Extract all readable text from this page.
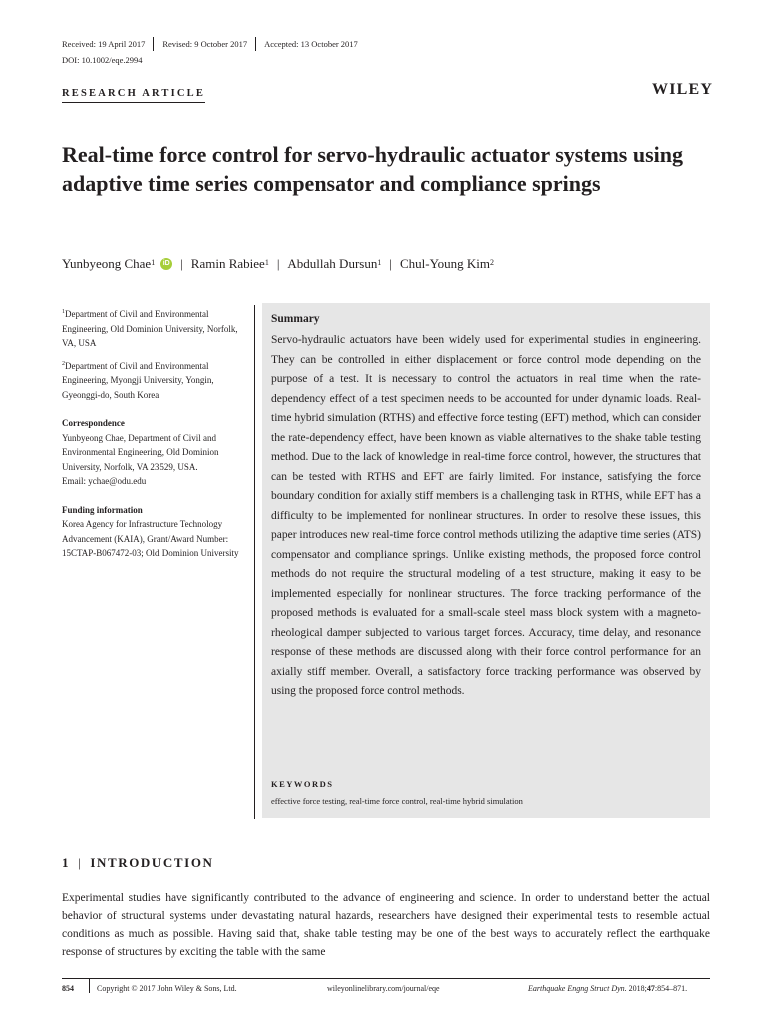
Received: 19 April 2017 Revised: 9 October 2017 Accepted: 13 October 2017
DOI: 10.1002/eqe.2994
RESEARCH ARTICLE	WILEY
Real-time force control for servo-hydraulic actuator systems using adaptive time series compensator and compliance springs
Yunbyeong Chae$^1$	iD | Ramin Rabiee$^1$ | Abdullah Dursun$^1$ | Chul-Young Kim$^2$

$^1$Department of Civil and Environmental Engineering, Old Dominion University, Norfolk, VA, USA

$^2$Department of Civil and Environmental Engineering, Myongji University, Yongin, Gyeonggi-do, South Korea

Correspondence

Yunbyeong Chae, Department of Civil and Environmental Engineering, Old Dominion University, Norfolk, VA 23529, USA.

Email: ychae@odu.edu

Funding information

Korea Agency for Infrastructure Technology Advancement (KAIA), Grant/Award Number: 15CTAP-B067472-03; Old Dominion University

Summary

Servo-hydraulic actuators have been widely used for experimental studies in engineering. They can be controlled in either displacement or force control mode depending on the purpose of a test. It is necessary to control the actuators in real time when the rate-dependency effect of a test specimen needs to be accounted for under dynamic loads. Real-time hybrid simulation (RTHS) and effective force testing (EFT) method, which can consider the rate-dependency effect, have been known as viable alternatives to the shake table testing method. Due to the lack of knowledge in real-time force control, however, the structures that can be tested with RTHS and EFT are fairly limited. For instance, satisfying the force boundary condition for axially stiff members is a challenging task in RTHS, while EFT has a difficulty to be implemented for nonlinear structures. In order to resolve these issues, this paper introduces new real-time force control methods utilizing the adaptive time series (ATS) compensator and compliance springs. Unlike existing methods, the proposed force control methods do not require the structural modeling of a test structure, making it easy to be implemented especially for nonlinear structures. The force tracking performance of the proposed methods is evaluated for a small-scale steel mass block system with a magneto-rheological damper subjected to various target forces. Accuracy, time delay, and resonance response of these methods are discussed along with their force control performance for an axially stiff member. Overall, a satisfactory force tracking performance was observed by using the proposed force control methods.

KEYWORDS
effective force testing, real-time force control, real-time hybrid simulation
1 | INTRODUCTION

Experimental studies have significantly contributed to the advance of engineering and science. In order to understand better the actual behavior of structural systems under devastating natural hazards, researchers have designed their experimental tests to resemble actual conditions as much as possible. Having said that, shake table testing may be one of the best ways to accurately reflect the earthquake response of structures by exciting the table with the same

854	Copyright © 2017 John Wiley & Sons, Ltd.	wileyonlinelibrary.com/journal/eqe	Earthquake Engng Struct Dyn. 2018;47:854–871.
